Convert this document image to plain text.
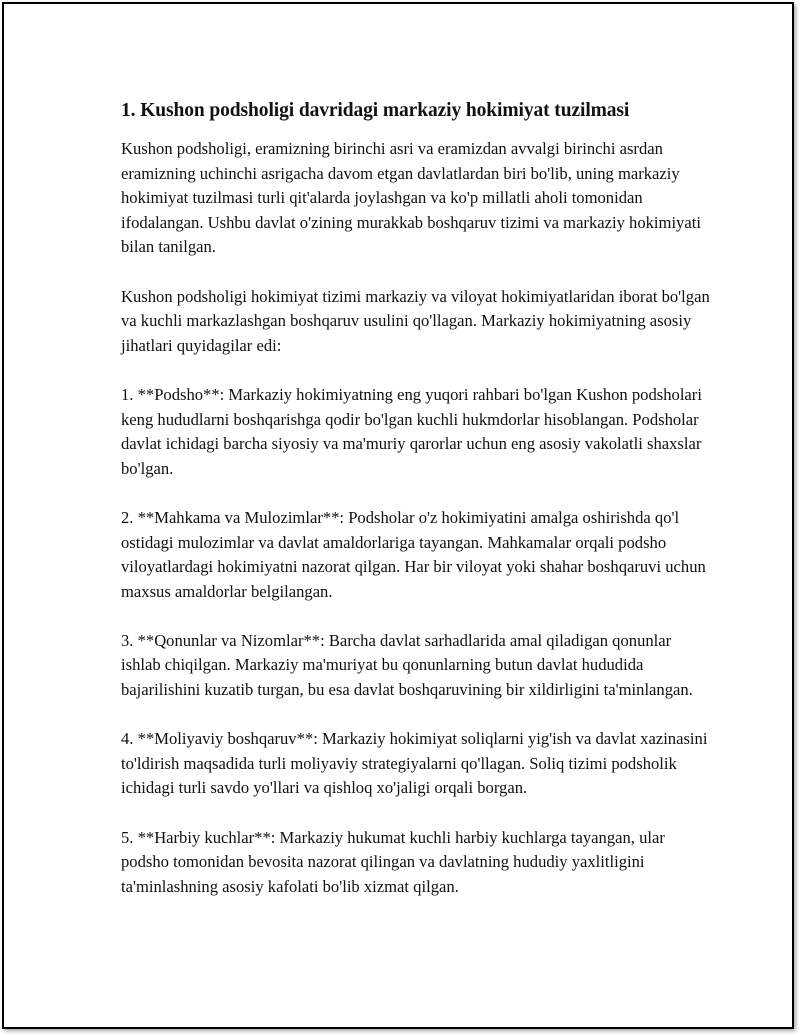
1. Kushon podsholigi davridagi markaziy hokimiyat tuzilmasi

Kushon podsholigi, eramizning birinchi asri va eramizdan avvalgi birinchi asrdan eramizning uchinchi asrigacha davom etgan davlatlardan biri bo'lib, uning markaziy hokimiyat tuzilmasi turli qit'alarda joylashgan va ko'p millatli aholi tomonidan ifodalangan. Ushbu davlat o'zining murakkab boshqaruv tizimi va markaziy hokimiyati bilan tanilgan.

Kushon podsholigi hokimiyat tizimi markaziy va viloyat hokimiyatlaridan iborat bo'lgan va kuchli markazlashgan boshqaruv usulini qo'llagan. Markaziy hokimiyatning asosiy jihatlari quyidagilar edi:

1. **Podsho**: Markaziy hokimiyatning eng yuqori rahbari bo'lgan Kushon podsholari keng hududlarni boshqarishga qodir bo'lgan kuchli hukmdorlar hisoblangan. Podsholar davlat ichidagi barcha siyosiy va ma'muriy qarorlar uchun eng asosiy vakolatli shaxslar bo'lgan.

2. **Mahkama va Mulozimlar**: Podsholar o'z hokimiyatini amalga oshirishda qo'l ostidagi mulozimlar va davlat amaldorlariga tayangan. Mahkamalar orqali podsho viloyatlardagi hokimiyatni nazorat qilgan. Har bir viloyat yoki shahar boshqaruvi uchun maxsus amaldorlar belgilangan.

3. **Qonunlar va Nizomlar**: Barcha davlat sarhadlarida amal qiladigan qonunlar ishlab chiqilgan. Markaziy ma'muriyat bu qonunlarning butun davlat hududida bajarilishini kuzatib turgan, bu esa davlat boshqaruvining bir xildirligini ta'minlangan.

4. **Moliyaviy boshqaruv**: Markaziy hokimiyat soliqlarni yig'ish va davlat xazinasini to'ldirish maqsadida turli moliyaviy strategiyalarni qo'llagan. Soliq tizimi podsholik ichidagi turli savdo yo'llari va qishloq xo'jaligi orqali borgan.

5. **Harbiy kuchlar**: Markaziy hukumat kuchli harbiy kuchlarga tayangan, ular podsho tomonidan bevosita nazorat qilingan va davlatning hududiy yaxlitligini ta'minlashning asosiy kafolati bo'lib xizmat qilgan.
